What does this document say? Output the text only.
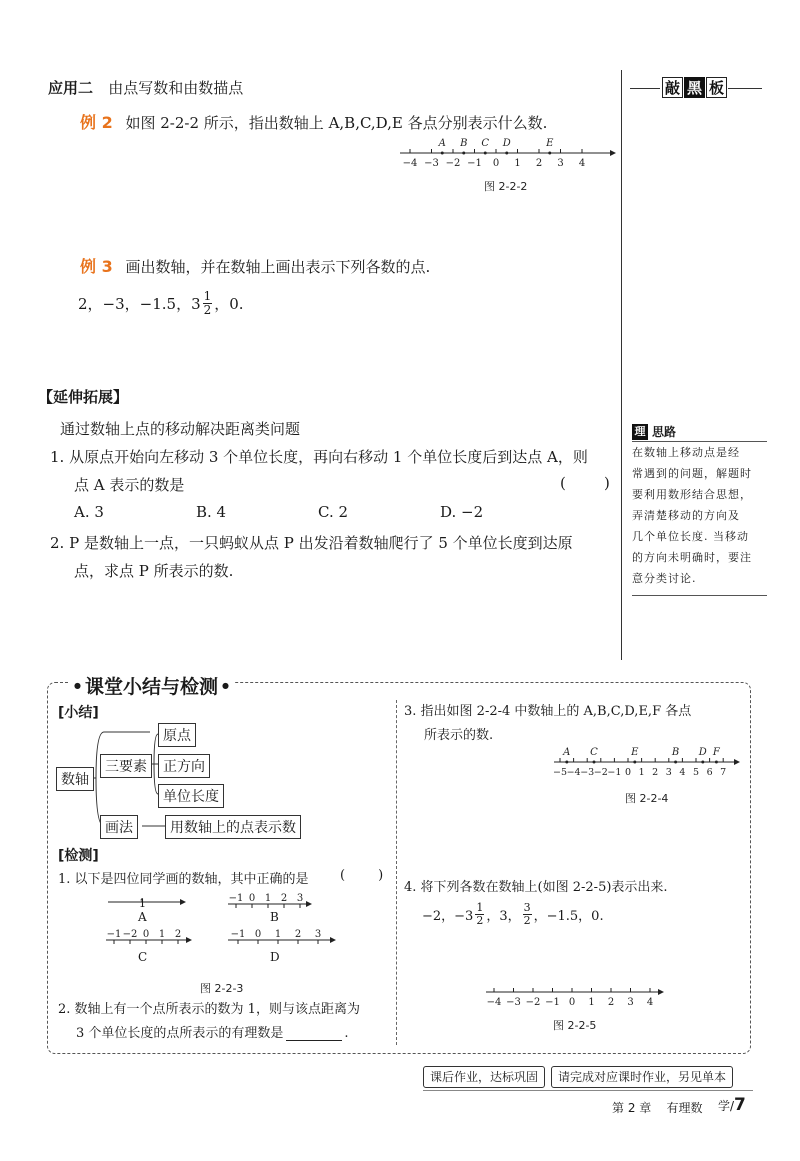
应用二 由点写数和由数描点
例 2 如图 2-2-2 所示，指出数轴上 A,B,C,D,E 各点分别表示什么数.
−4 −3 −2 −1 0 1 2 3 4
A B C D	E
图 2-2-2
例 3 画出数轴，并在数轴上画出表示下列各数的点.
2，−3，−1.5，$3 \frac{1}{2}$ ，0.
【延伸拓展】
通过数轴上点的移动解决距离类问题
1. 从原点开始向左移动 3 个单位长度，再向右移动 1 个单位长度后到达点 A，则
点 A 表示的数是	(        )
A. 3	B. 4	C. 2	D. −2
2. P 是数轴上一点，一只蚂蚁从点 P 出发沿着数轴爬行了 5 个单位长度到达原
点，求点 P 所表示的数.
敲 黑 板
理 思路
在数轴上移动点是经
常遇到的问题，解题时
要利用数形结合思想，
弄清楚移动的方向及
几个单位长度. 当移动
的方向未明确时，要注
意分类讨论.
● 课堂小结与检测 ●
[小结]
数轴
三要素
原点
正方向
单位长度
画法	用数轴上的点表示数
[检测]
1. 以下是四位同学画的数轴，其中正确的是 (        )
−1 0 1 2 3
−1 −2 0 1 2	−1 0 1 2 3
1
A	B
C	D
图 2-2-3
2. 数轴上有一个点所表示的数为 1，则与该点距离为
3 个单位长度的点所表示的有理数是	.
3. 指出如图 2-2-4 中数轴上的 A,B,C,D,E,F 各点
所表示的数.
−5 −4 −3 −2 −1 0 1 2 3 4 5 6 7
A C	E	B D F
图 2-2-4
4. 将下列各数在数轴上(如图 2-2-5)表示出来.
−2，$-3 \frac{1}{2}$ ，3， $\frac{3}{2}$ ，−1.5，0.
−4 −3 −2 −1 0 1 2 3 4
图 2-2-5
课后作业，达标巩固	请完成对应课时作业，另见单本
第 2 章    有理数 学/ 7
